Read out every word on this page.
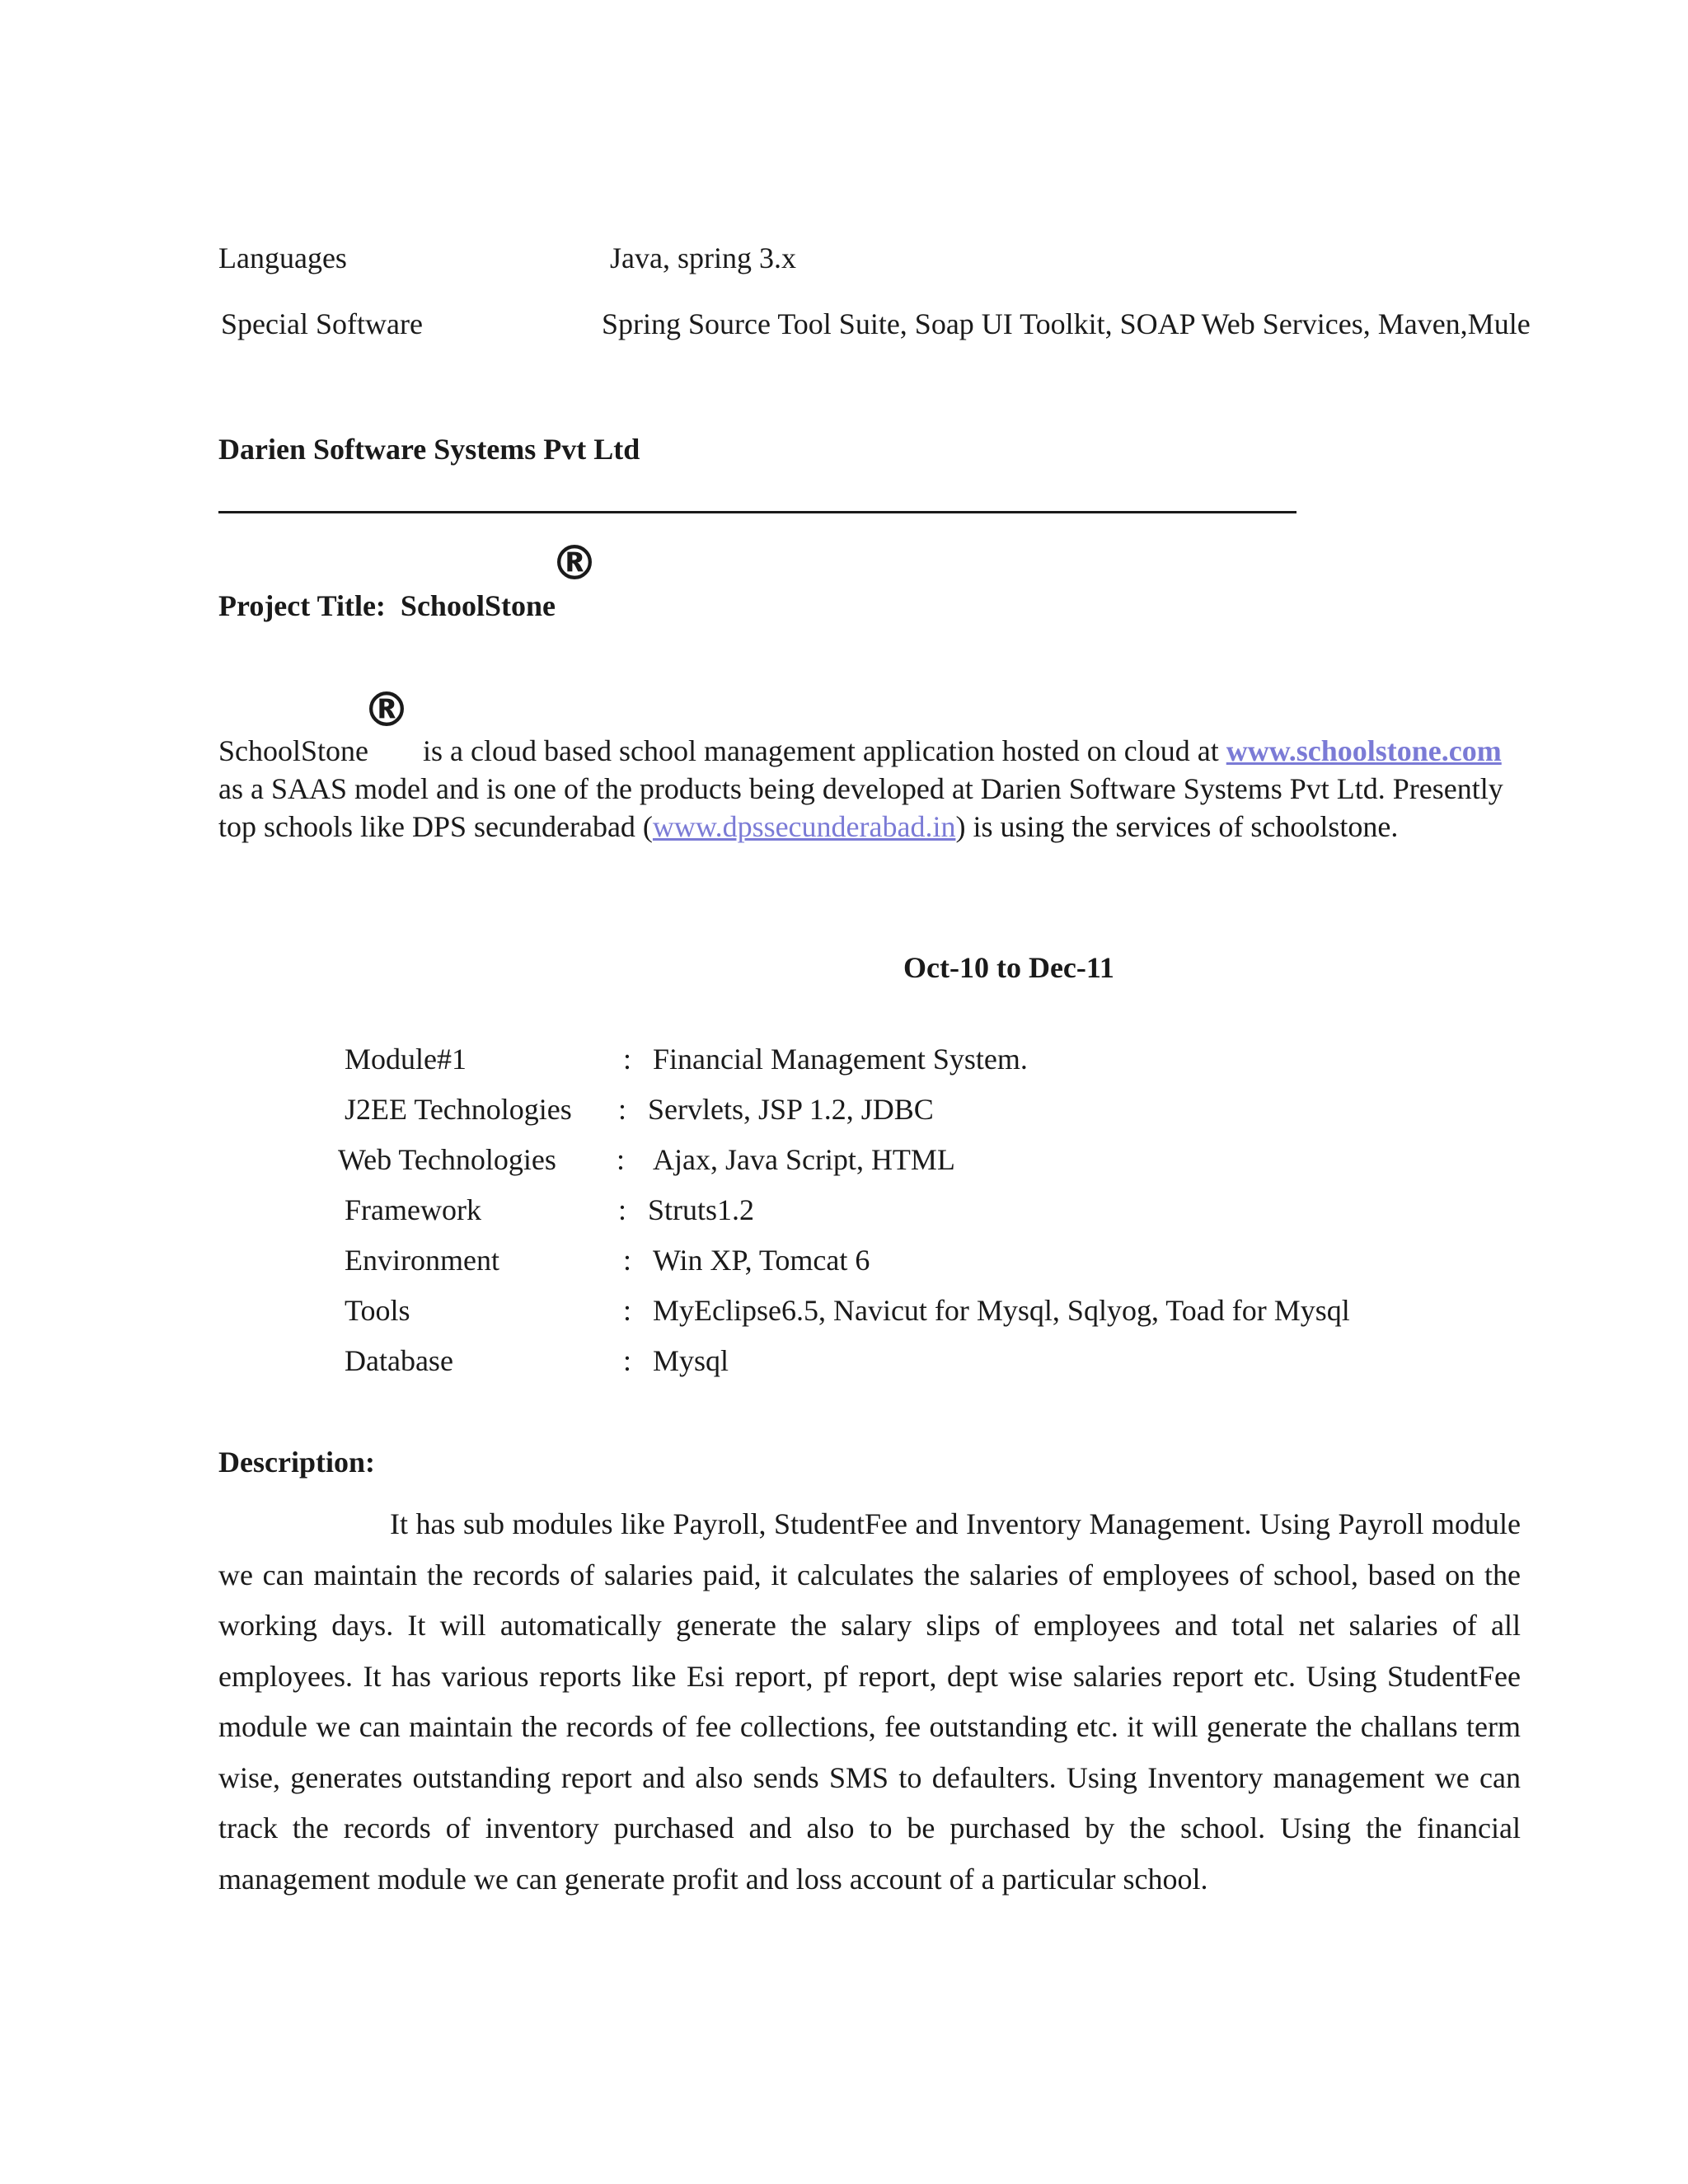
Languages	Java, spring 3.x
Special Software	Spring Source Tool Suite, Soap UI Toolkit, SOAP Web Services, Maven,Mule
Darien Software Systems Pvt Ltd
®
Project Title: SchoolStone
®
SchoolStone is a cloud based school management application hosted on cloud at www.schoolstone.com as a SAAS model and is one of the products being developed at Darien Software Systems Pvt Ltd. Presently top schools like DPS secunderabad (www.dpssecunderabad.in) is using the services of schoolstone.
Oct-10 to Dec-11
Module#1	: Financial Management System.
J2EE Technologies : Servlets, JSP 1.2, JDBC
Web Technologies : Ajax, Java Script, HTML
Framework	: Struts1.2
Environment	: Win XP, Tomcat 6
Tools	: MyEclipse6.5, Navicut for Mysql, Sqlyog, Toad for Mysql
Database	: Mysql
Description:
It has sub modules like Payroll, StudentFee and Inventory Management. Using Payroll module we can maintain the records of salaries paid, it calculates the salaries of employees of school, based on the working days. It will automatically generate the salary slips of employees and total net salaries of all employees. It has various reports like Esi report, pf report, dept wise salaries report etc. Using StudentFee module we can maintain the records of fee collections, fee outstanding etc. it will generate the challans term wise, generates outstanding report and also sends SMS to defaulters. Using Inventory management we can track the records of inventory purchased and also to be purchased by the school. Using the financial management module we can generate profit and loss account of a particular school.
